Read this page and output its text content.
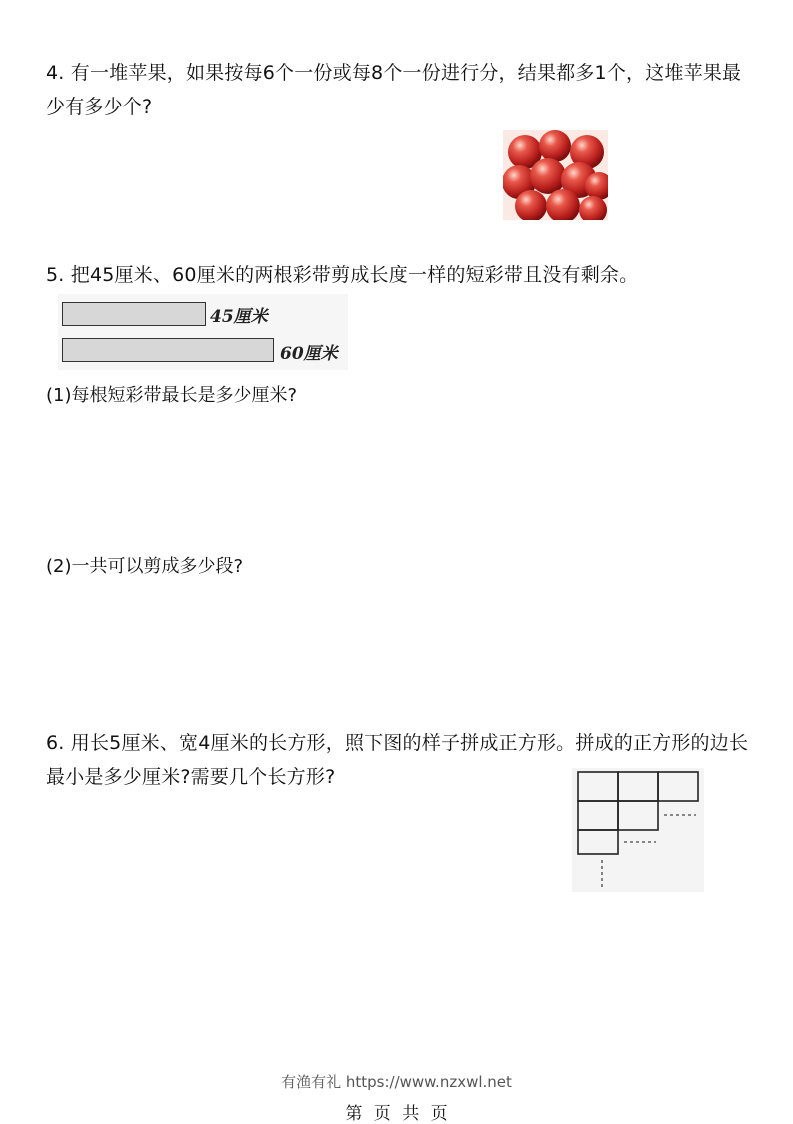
4. 有一堆苹果，如果按每6个一份或每8个一份进行分，结果都多1个，这堆苹果最少有多少个?
5. 把45厘米、60厘米的两根彩带剪成长度一样的短彩带且没有剩余。
45厘米
60厘米
(1)每根短彩带最长是多少厘米?
(2)一共可以剪成多少段?
6. 用长5厘米、宽4厘米的长方形，照下图的样子拼成正方形。拼成的正方形的边长最小是多少厘米?需要几个长方形?
有渔有礼 https://www.nzxwl.net
第 页 共 页
